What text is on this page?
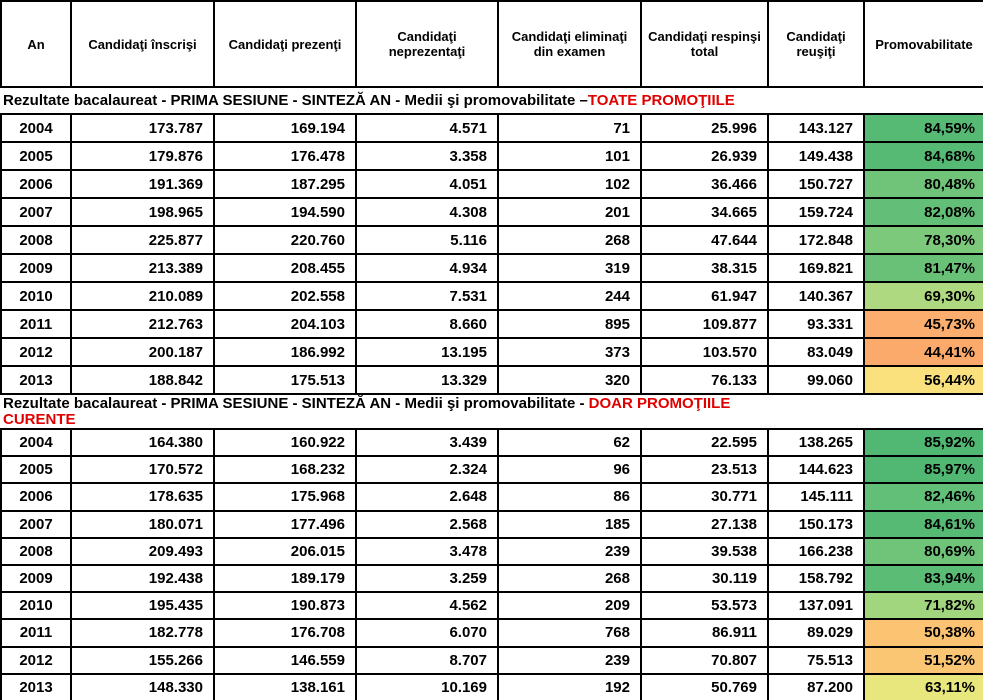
An	Candidaţi înscrişi	Candidaţi prezenţi	Candidaţi neprezentaţi	Candidaţi eliminaţi din examen	Candidaţi respinşi total	Candidaţi reuşiţi	Promovabilitate
Rezultate bacalaureat - PRIMA SESIUNE - SINTEZĂ AN - Medii şi promovabilitate –TOATE PROMOŢIILE							
2004	173.787	169.194	4.571	71	25.996	143.127	84,59%
2005	179.876	176.478	3.358	101	26.939	149.438	84,68%
2006	191.369	187.295	4.051	102	36.466	150.727	80,48%
2007	198.965	194.590	4.308	201	34.665	159.724	82,08%
2008	225.877	220.760	5.116	268	47.644	172.848	78,30%
2009	213.389	208.455	4.934	319	38.315	169.821	81,47%
2010	210.089	202.558	7.531	244	61.947	140.367	69,30%
2011	212.763	204.103	8.660	895	109.877	93.331	45,73%
2012	200.187	186.992	13.195	373	103.570	83.049	44,41%
2013	188.842	175.513	13.329	320	76.133	99.060	56,44%
Rezultate bacalaureat - PRIMA SESIUNE - SINTEZĂ AN - Medii şi promovabilitate - DOAR PROMOŢIILE
CURENTE							
2004	164.380	160.922	3.439	62	22.595	138.265	85,92%
2005	170.572	168.232	2.324	96	23.513	144.623	85,97%
2006	178.635	175.968	2.648	86	30.771	145.111	82,46%
2007	180.071	177.496	2.568	185	27.138	150.173	84,61%
2008	209.493	206.015	3.478	239	39.538	166.238	80,69%
2009	192.438	189.179	3.259	268	30.119	158.792	83,94%
2010	195.435	190.873	4.562	209	53.573	137.091	71,82%
2011	182.778	176.708	6.070	768	86.911	89.029	50,38%
2012	155.266	146.559	8.707	239	70.807	75.513	51,52%
2013	148.330	138.161	10.169	192	50.769	87.200	63,11%
